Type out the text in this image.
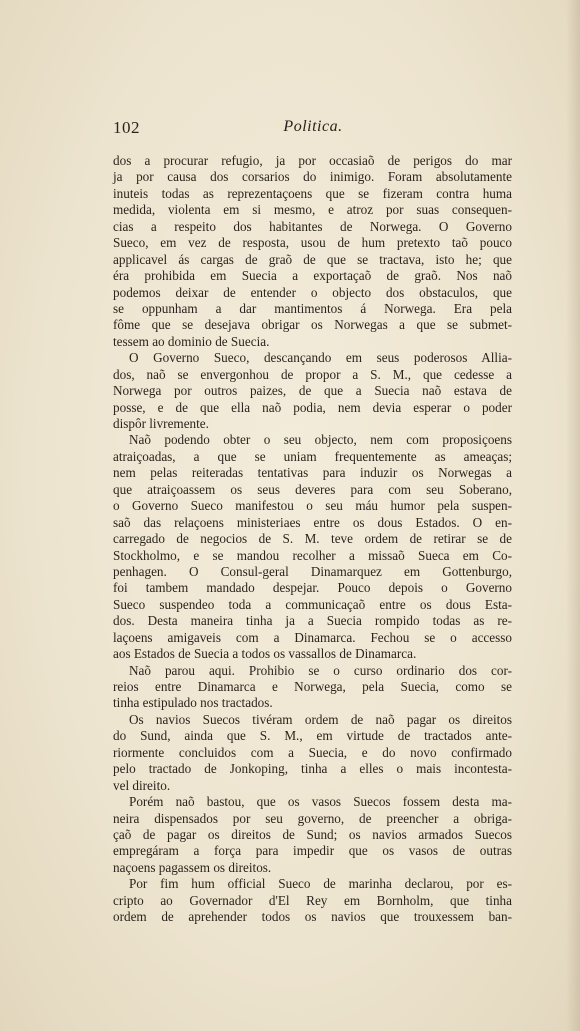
102	Politica.
dos a procurar refugio, ja por occasiaõ de perigos do mar
ja por causa dos corsarios do inimigo. Foram absolutamente
inuteis todas as reprezentaçoens que se fizeram contra huma
medida, violenta em si mesmo, e atroz por suas consequen-
cias a respeito dos habitantes de Norwega. O Governo
Sueco, em vez de resposta, usou de hum pretexto taõ pouco
applicavel ás cargas de graõ de que se tractava, isto he; que
éra prohibida em Suecia a exportaçaõ de graõ. Nos naõ
podemos deixar de entender o objecto dos obstaculos, que
se oppunham a dar mantimentos á Norwega. Era pela
fôme que se desejava obrigar os Norwegas a que se submet-
tessem ao dominio de Suecia.
O Governo Sueco, descançando em seus poderosos Allia-
dos, naõ se envergonhou de propor a S. M., que cedesse a
Norwega por outros paizes, de que a Suecia naõ estava de
posse, e de que ella naõ podia, nem devia esperar o poder
dispôr livremente.
Naõ podendo obter o seu objecto, nem com proposiçoens
atraiçoadas, a que se uniam frequentemente as ameaças;
nem pelas reiteradas tentativas para induzir os Norwegas a
que atraiçoassem os seus deveres para com seu Soberano,
o Governo Sueco manifestou o seu máu humor pela suspen-
saõ das relaçoens ministeriaes entre os dous Estados. O en-
carregado de negocios de S. M. teve ordem de retirar se de
Stockholmo, e se mandou recolher a missaõ Sueca em Co-
penhagen. O Consul-geral Dinamarquez em Gottenburgo,
foi tambem mandado despejar. Pouco depois o Governo
Sueco suspendeo toda a communicaçaõ entre os dous Esta-
dos. Desta maneira tinha ja a Suecia rompido todas as re-
laçoens amigaveis com a Dinamarca. Fechou se o accesso
aos Estados de Suecia a todos os vassallos de Dinamarca.
Naõ parou aqui. Prohibio se o curso ordinario dos cor-
reios entre Dinamarca e Norwega, pela Suecia, como se
tinha estipulado nos tractados.
Os navios Suecos tivéram ordem de naõ pagar os direitos
do Sund, ainda que S. M., em virtude de tractados ante-
riormente concluidos com a Suecia, e do novo confirmado
pelo tractado de Jonkoping, tinha a elles o mais incontesta-
vel direito.
Porém naõ bastou, que os vasos Suecos fossem desta ma-
neira dispensados por seu governo, de preencher a obriga-
çaõ de pagar os direitos de Sund; os navios armados Suecos
empregáram a força para impedir que os vasos de outras
naçoens pagassem os direitos.
Por fim hum official Sueco de marinha declarou, por es-
cripto ao Governador d'El Rey em Bornholm, que tinha
ordem de aprehender todos os navios que trouxessem ban-
